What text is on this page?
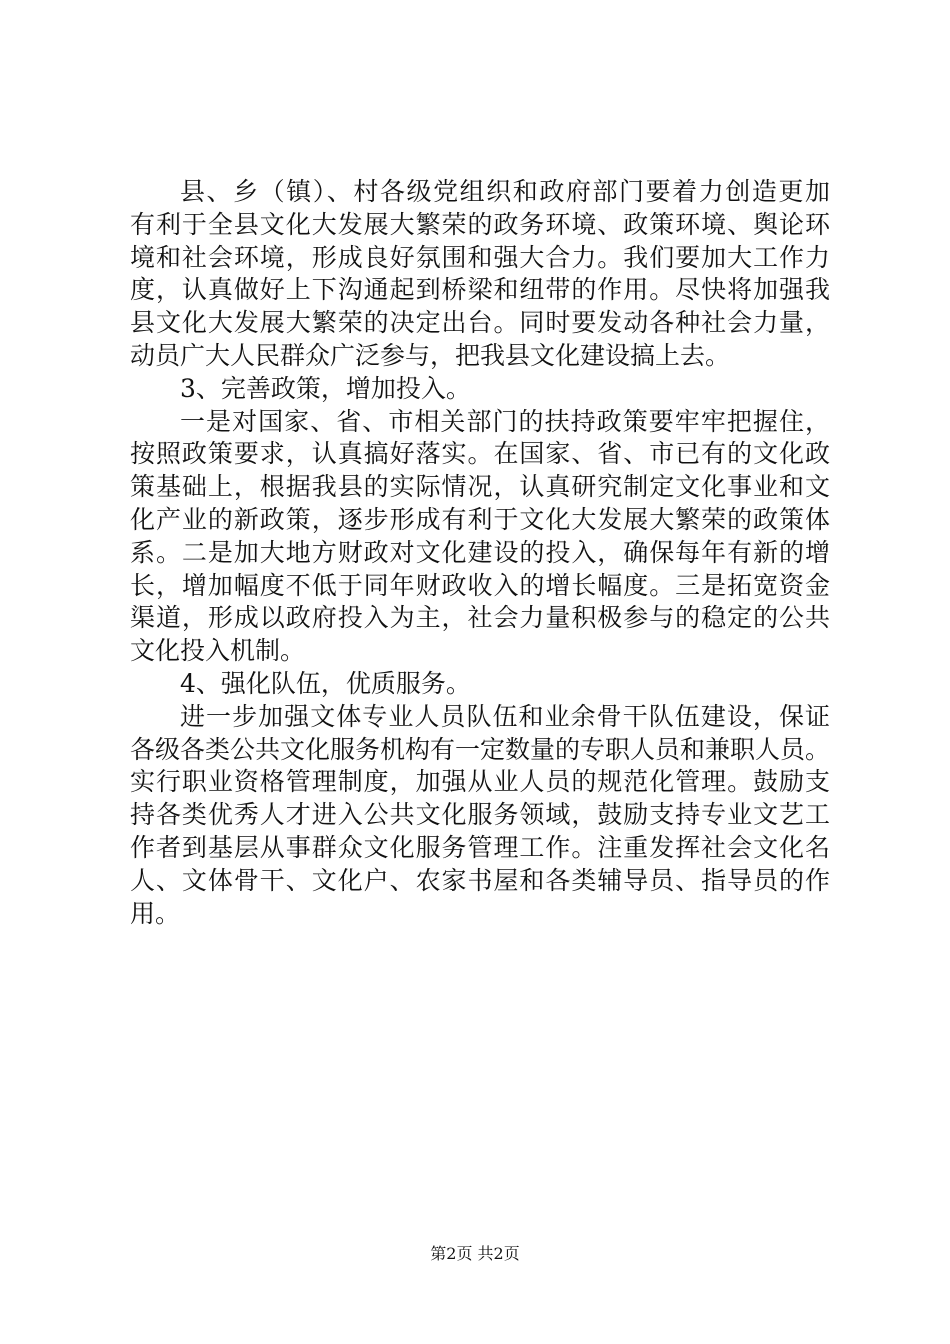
县、乡（镇）、村各级党组织和政府部门要着力创造更加
有利于全县文化大发展大繁荣的政务环境、政策环境、舆论环
境和社会环境，形成良好氛围和强大合力。我们要加大工作力
度，认真做好上下沟通起到桥梁和纽带的作用。尽快将加强我
县文化大发展大繁荣的决定出台。同时要发动各种社会力量，
动员广大人民群众广泛参与，把我县文化建设搞上去。
3、完善政策，增加投入。
一是对国家、省、市相关部门的扶持政策要牢牢把握住，
按照政策要求，认真搞好落实。在国家、省、市已有的文化政
策基础上，根据我县的实际情况，认真研究制定文化事业和文
化产业的新政策，逐步形成有利于文化大发展大繁荣的政策体
系。二是加大地方财政对文化建设的投入，确保每年有新的增
长，增加幅度不低于同年财政收入的增长幅度。三是拓宽资金
渠道，形成以政府投入为主，社会力量积极参与的稳定的公共
文化投入机制。
4、强化队伍，优质服务。
进一步加强文体专业人员队伍和业余骨干队伍建设，保证
各级各类公共文化服务机构有一定数量的专职人员和兼职人员。
实行职业资格管理制度，加强从业人员的规范化管理。鼓励支
持各类优秀人才进入公共文化服务领域，鼓励支持专业文艺工
作者到基层从事群众文化服务管理工作。注重发挥社会文化名
人、文体骨干、文化户、农家书屋和各类辅导员、指导员的作
用。
第2页 共2页
